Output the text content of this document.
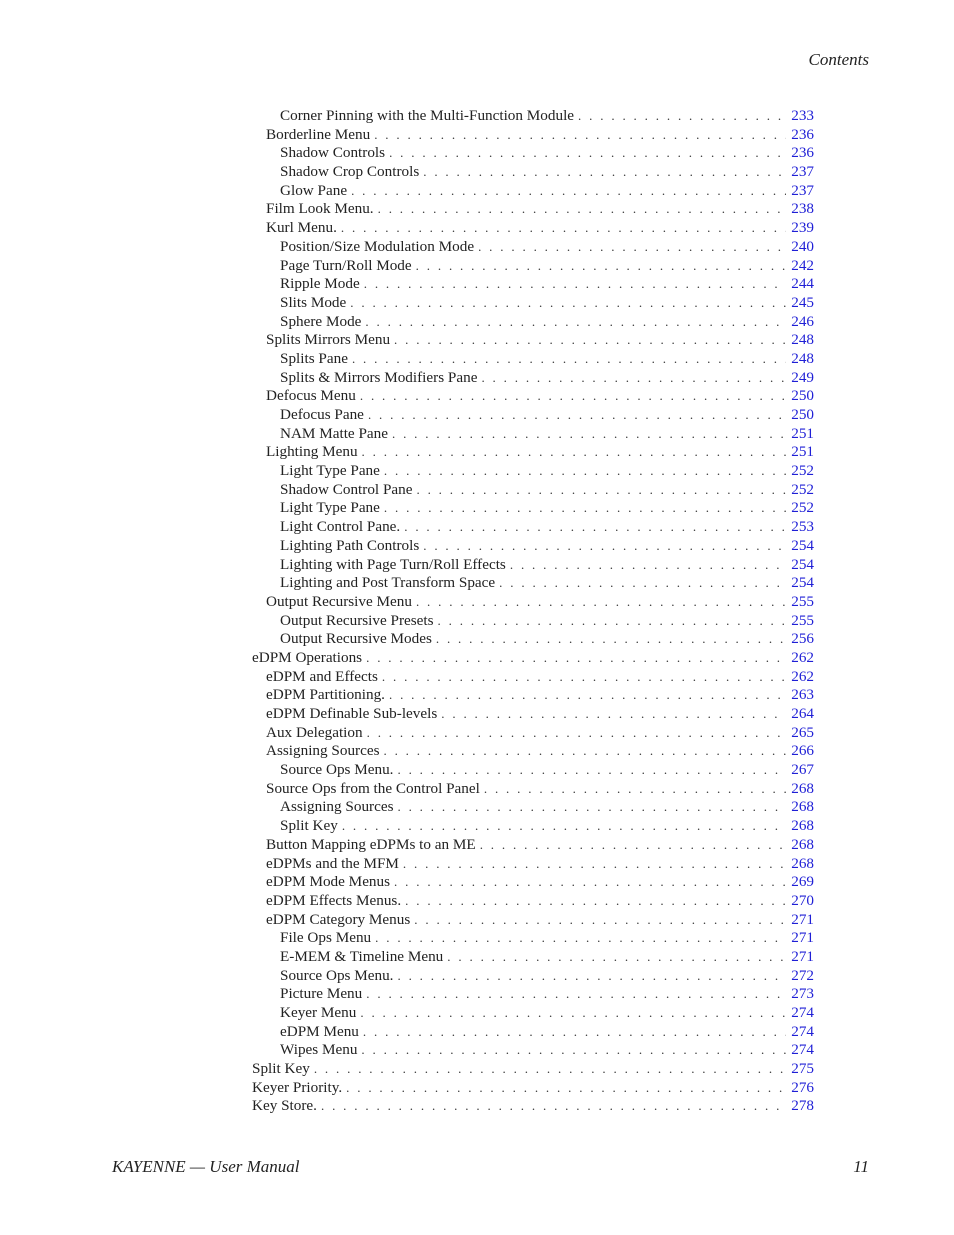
Contents
Corner Pinning with the Multi-Function Module . . .	233
Borderline Menu . . .	236
Shadow Controls . . .	236
Shadow Crop Controls . . .	237
Glow Pane . . .	237
Film Look Menu. . . .	238
Kurl Menu. . . .	239
Position/Size Modulation Mode . . .	240
Page Turn/Roll Mode . . .	242
Ripple Mode . . .	244
Slits Mode . . .	245
Sphere Mode . . .	246
Splits Mirrors Menu . . .	248
Splits Pane . . .	248
Splits & Mirrors Modifiers Pane . . .	249
Defocus Menu . . .	250
Defocus Pane . . .	250
NAM Matte Pane . . .	251
Lighting Menu . . .	251
Light Type Pane . . .	252
Shadow Control Pane . . .	252
Light Type Pane . . .	252
Light Control Pane. . . .	253
Lighting Path Controls . . .	254
Lighting with Page Turn/Roll Effects . . .	254
Lighting and Post Transform Space . . .	254
Output Recursive Menu . . .	255
Output Recursive Presets . . .	255
Output Recursive Modes . . .	256
eDPM Operations . . .	262
eDPM and Effects . . .	262
eDPM Partitioning. . . .	263
eDPM Definable Sub-levels . . .	264
Aux Delegation . . .	265
Assigning Sources . . .	266
Source Ops Menu. . . .	267
Source Ops from the Control Panel . . .	268
Assigning Sources . . .	268
Split Key . . .	268
Button Mapping eDPMs to an ME . . .	268
eDPMs and the MFM . . .	268
eDPM Mode Menus . . .	269
eDPM Effects Menus. . . .	270
eDPM Category Menus . . .	271
File Ops Menu . . .	271
E-MEM & Timeline Menu . . .	271
Source Ops Menu. . . .	272
Picture Menu . . .	273
Keyer Menu . . .	274
eDPM Menu . . .	274
Wipes Menu . . .	274
Split Key . . .	275
Keyer Priority. . . .	276
Key Store. . . .	278
KAYENNE — User Manual	11
